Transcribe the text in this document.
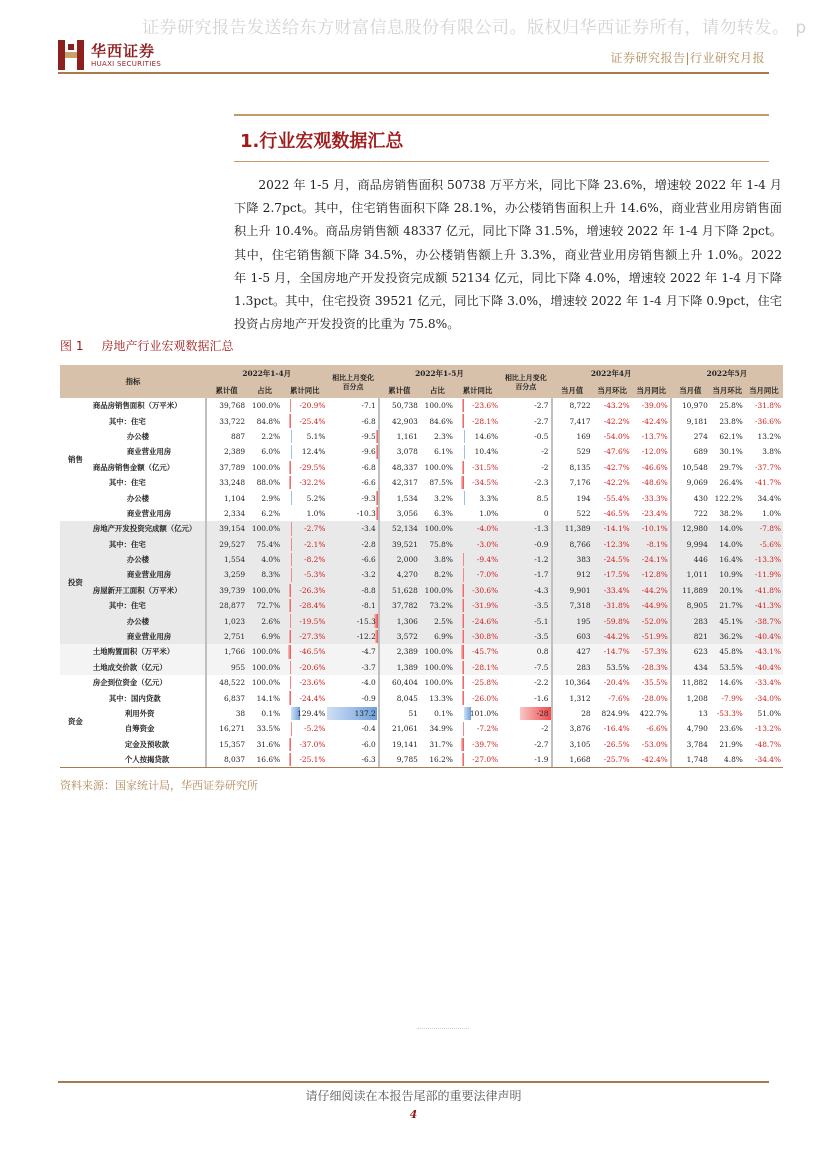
证券研究报告发送给东方财富信息股份有限公司。版权归华西证券所有，请勿转发。 p
华西证券
HUAXI SECURITIES	证券研究报告|行业研究月报
1.行业宏观数据汇总

2022 年 1-5 月，商品房销售面积 50738 万平方米，同比下降 23.6%，增速较 2022 年 1-4 月下降 2.7pct。其中，住宅销售面积下降 28.1%，办公楼销售面积上升 14.6%，商业营业用房销售面积上升 10.4%。商品房销售额 48337 亿元，同比下降 31.5%，增速较 2022 年 1-4 月下降 2pct。其中，住宅销售额下降 34.5%，办公楼销售额上升 3.3%，商业营业用房销售额上升 1.0%。2022 年 1-5 月，全国房地产开发投资完成额 52134 亿元，同比下降 4.0%，增速较 2022 年 1-4 月下降 1.3pct。其中，住宅投资 39521 亿元，同比下降 3.0%，增速较 2022 年 1-4 月下降 0.9pct，住宅投资占房地产开发投资的比重为 75.8%。

图 1 房地产行业宏观数据汇总
指标		2022年1-4月			相比上月变化百分点	2022年1-5月			相比上月变化百分点	2022年4月			2022年5月		
		累计值	占比	累计同比		累计值	占比	累计同比		当月值	当月环比	当月同比	当月值	当月环比	当月同比
销售	商品房销售面积（万平米）	39,768	100.0%	-20.9%	-7.1	50,738	100.0%	-23.6%	-2.7	8,722	-43.2%	-39.0%	10,970	25.8%	-31.8%
	其中：住宅	33,722	84.8%	-25.4%	-6.8	42,903	84.6%	-28.1%	-2.7	7,417	-42.2%	-42.4%	9,181	23.8%	-36.6%
	办公楼	887	2.2%	5.1%	-9.5	1,161	2.3%	14.6%	-0.5	169	-54.0%	-13.7%	274	62.1%	13.2%
	商业营业用房	2,389	6.0%	12.4%	-9.6	3,078	6.1%	10.4%	-2	529	-47.6%	-12.0%	689	30.1%	3.8%
	商品房销售金额（亿元）	37,789	100.0%	-29.5%	-6.8	48,337	100.0%	-31.5%	-2	8,135	-42.7%	-46.6%	10,548	29.7%	-37.7%
	其中：住宅	33,248	88.0%	-32.2%	-6.6	42,317	87.5%	-34.5%	-2.3	7,176	-42.2%	-48.6%	9,069	26.4%	-41.7%
	办公楼	1,104	2.9%	5.2%	-9.3	1,534	3.2%	3.3%	8.5	194	-55.4%	-33.3%	430	122.2%	34.4%
	商业营业用房	2,334	6.2%	1.0%	-10.3	3,056	6.3%	1.0%	0	522	-46.5%	-23.4%	722	38.2%	1.0%
投资	房地产开发投资完成额（亿元）	39,154	100.0%	-2.7%	-3.4	52,134	100.0%	-4.0%	-1.3	11,389	-14.1%	-10.1%	12,980	14.0%	-7.8%
	其中：住宅	29,527	75.4%	-2.1%	-2.8	39,521	75.8%	-3.0%	-0.9	8,766	-12.3%	-8.1%	9,994	14.0%	-5.6%
	办公楼	1,554	4.0%	-8.2%	-6.6	2,000	3.8%	-9.4%	-1.2	383	-24.5%	-24.1%	446	16.4%	-13.3%
	商业营业用房	3,259	8.3%	-5.3%	-3.2	4,270	8.2%	-7.0%	-1.7	912	-17.5%	-12.8%	1,011	10.9%	-11.9%
	房屋新开工面积（万平米）	39,739	100.0%	-26.3%	-8.8	51,628	100.0%	-30.6%	-4.3	9,901	-33.4%	-44.2%	11,889	20.1%	-41.8%
	其中：住宅	28,877	72.7%	-28.4%	-8.1	37,782	73.2%	-31.9%	-3.5	7,318	-31.8%	-44.9%	8,905	21.7%	-41.3%
	办公楼	1,023	2.6%	-19.5%	-15.3	1,306	2.5%	-24.6%	-5.1	195	-59.8%	-52.0%	283	45.1%	-38.7%
	商业营业用房	2,751	6.9%	-27.3%	-12.2	3,572	6.9%	-30.8%	-3.5	603	-44.2%	-51.9%	821	36.2%	-40.4%
	土地购置面积（万平米）	1,766	100.0%	-46.5%	-4.7	2,389	100.0%	-45.7%	0.8	427	-14.7%	-57.3%	623	45.8%	-43.1%
	土地成交价款（亿元）	955	100.0%	-20.6%	-3.7	1,389	100.0%	-28.1%	-7.5	283	53.5%	-28.3%	434	53.5%	-40.4%
资金	房企到位资金（亿元）	48,522	100.0%	-23.6%	-4.0	60,404	100.0%	-25.8%	-2.2	10,364	-20.4%	-35.5%	11,882	14.6%	-33.4%
	其中：国内贷款	6,837	14.1%	-24.4%	-0.9	8,045	13.3%	-26.0%	-1.6	1,312	-7.6%	-28.0%	1,208	-7.9%	-34.0%
	利用外资	38	0.1%	129.4%	137.2	51	0.1%	101.0%	-28	28	824.9%	422.7%	13	-53.3%	51.0%
	自筹资金	16,271	33.5%	-5.2%	-0.4	21,061	34.9%	-7.2%	-2	3,876	-16.4%	-6.6%	4,790	23.6%	-13.2%
	定金及预收款	15,357	31.6%	-37.0%	-6.0	19,141	31.7%	-39.7%	-2.7	3,105	-26.5%	-53.0%	3,784	21.9%	-48.7%
	个人按揭贷款	8,037	16.6%	-25.1%	-6.3	9,785	16.2%	-27.0%	-1.9	1,668	-25.7%	-42.4%	1,748	4.8%	-34.4%
资料来源：国家统计局，华西证券研究所
请仔细阅读在本报告尾部的重要法律声明
4
